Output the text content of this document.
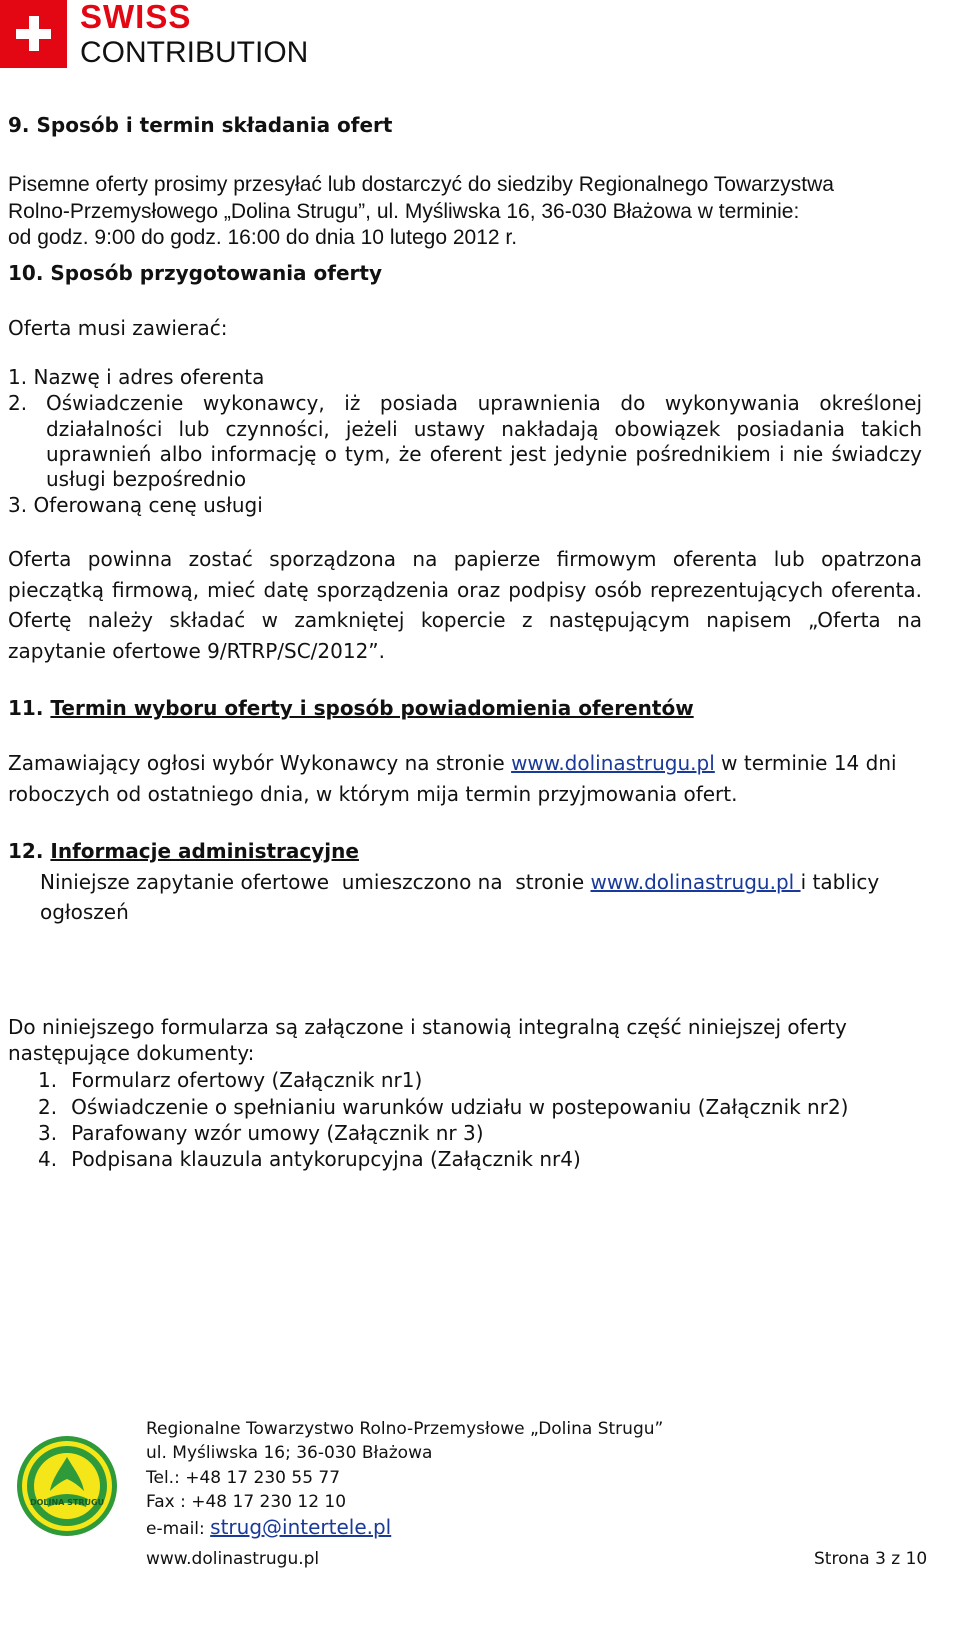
SWISS
CONTRIBUTION
9. Sposób i termin składania ofert
Pisemne oferty prosimy przesyłać lub dostarczyć do siedziby Regionalnego Towarzystwa
Rolno-Przemysłowego „Dolina Strugu”, ul. Myśliwska 16, 36-030 Błażowa w terminie:
od godz. 9:00 do godz. 16:00 do dnia 10 lutego 2012 r.
10. Sposób przygotowania oferty
Oferta musi zawierać:
1. Nazwę i adres oferenta
2. Oświadczenie wykonawcy, iż posiada uprawnienia do wykonywania określonej
działalności lub czynności, jeżeli ustawy nakładają obowiązek posiadania takich
uprawnień albo informację o tym, że oferent jest jedynie pośrednikiem i nie świadczy
usługi bezpośrednio
3. Oferowaną cenę usługi
Oferta powinna zostać sporządzona na papierze firmowym oferenta lub opatrzona
pieczątką firmową, mieć datę sporządzenia oraz podpisy osób reprezentujących oferenta.
Ofertę należy składać w zamkniętej kopercie z następującym napisem „Oferta na
zapytanie ofertowe 9/RTRP/SC/2012”.
11. Termin wyboru oferty i sposób powiadomienia oferentów
Zamawiający ogłosi wybór Wykonawcy na stronie www.dolinastrugu.pl w terminie 14 dni
roboczych od ostatniego dnia, w którym mija termin przyjmowania ofert.
12. Informacje administracyjne
Niniejsze zapytanie ofertowe  umieszczono na  stronie www.dolinastrugu.pl i tablicy
ogłoszeń
Do niniejszego formularza są załączone i stanowią integralną część niniejszej oferty
następujące dokumenty:
1. Formularz ofertowy (Załącznik nr1)
2. Oświadczenie o spełnianiu warunków udziału w postepowaniu (Załącznik nr2)
3. Parafowany wzór umowy (Załącznik nr 3)
4. Podpisana klauzula antykorupcyjna (Załącznik nr4)
DOLINA STRUGU
Regionalne Towarzystwo Rolno-Przemysłowe „Dolina Strugu”
ul. Myśliwska 16; 36-030 Błażowa
Tel.: +48 17 230 55 77
Fax : +48 17 230 12 10
e-mail: strug@intertele.pl
www.dolinastrugu.pl	Strona 3 z 10
